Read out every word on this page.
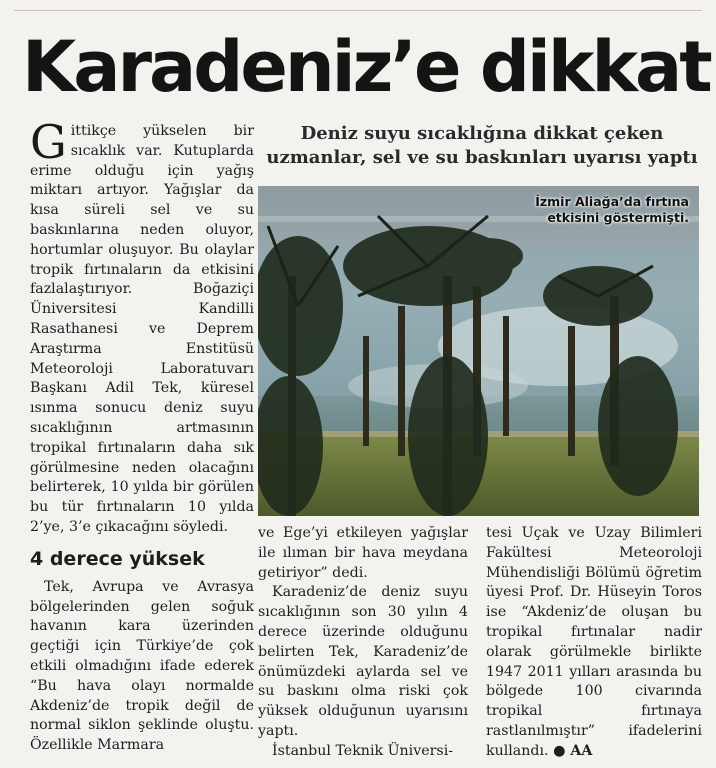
Karadeniz’e dikkat
Deniz suyu sıcaklığına dikkat çeken uzmanlar, sel ve su baskınları uyarısı yaptı

Gittikçe yükselen bir sıcaklık var. Kutuplarda erime olduğu için yağış miktarı artıyor. Yağışlar da kısa süreli sel ve su baskınlarına neden oluyor, hortumlar oluşuyor. Bu olaylar tropik fırtınaların da etkisini fazlalaştırıyor. Boğaziçi Üniversitesi Kandilli Rasathanesi ve Deprem Araştırma Enstitüsü Meteoroloji Laboratuvarı Başkanı Adil Tek, küresel ısınma sonucu deniz suyu sıcaklığının artmasının tropikal fırtınaların daha sık görülmesine neden olacağını belirterek, 10 yılda bir görülen bu tür fırtınaların 10 yılda 2’ye, 3’e çıkacağını söyledi.

4 derece yüksek

Tek, Avrupa ve Avrasya bölgelerinden gelen soğuk havanın kara üzerinden geçtiği için Türkiye’de çok etkili olmadığını ifade ederek “Bu hava olayı normalde Akdeniz’de tropik değil de normal siklon şeklinde oluştu. Özellikle Marmara

İzmir Aliağa’da fırtına etkisini göstermişti.

ve Ege’yi etkileyen yağışlar ile ılıman bir hava meydana getiriyor” dedi.

Karadeniz’de deniz suyu sıcaklığının son 30 yılın 4 derece üzerinde olduğunu belirten Tek, Karadeniz’de önümüzdeki aylarda sel ve su baskını olma riski çok yüksek olduğunun uyarısını yaptı.

İstanbul Teknik Üniversi-

tesi Uçak ve Uzay Bilimleri Fakültesi Meteoroloji Mühendisliği Bölümü öğretim üyesi Prof. Dr. Hüseyin Toros ise “Akdeniz’de oluşan bu tropikal fırtınalar nadir olarak görülmekle birlikte 1947 2011 yılları arasında bu bölgede 100 civarında tropikal fırtınaya rastlanılmıştır” ifadelerini kullandı. ● AA
